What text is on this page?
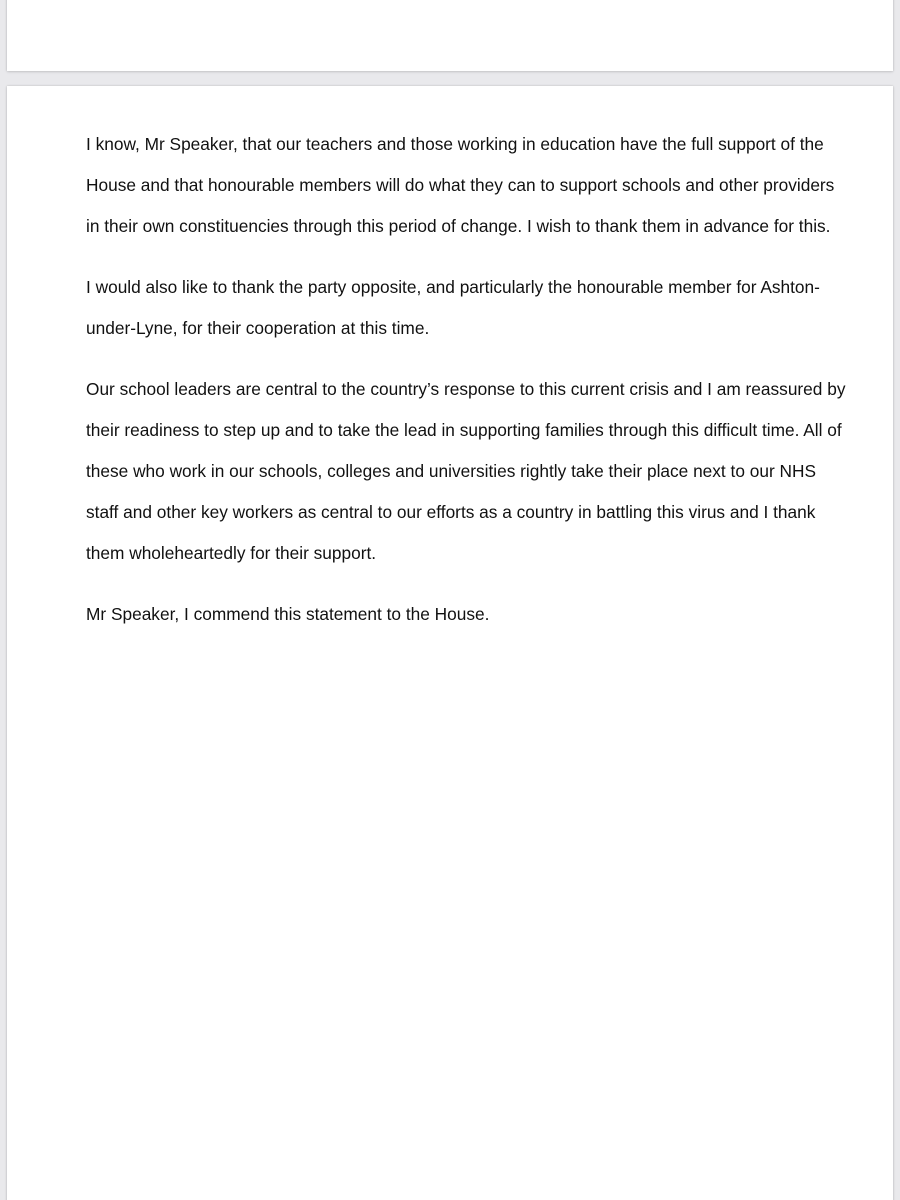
I know, Mr Speaker, that our teachers and those working in education have the full support of the House and that honourable members will do what they can to support schools and other providers in their own constituencies through this period of change. I wish to thank them in advance for this.

I would also like to thank the party opposite, and particularly the honourable member for Ashton-under-Lyne, for their cooperation at this time.

Our school leaders are central to the country’s response to this current crisis and I am reassured by their readiness to step up and to take the lead in supporting families through this difficult time. All of these who work in our schools, colleges and universities rightly take their place next to our NHS staff and other key workers as central to our efforts as a country in battling this virus and I thank them wholeheartedly for their support.

Mr Speaker, I commend this statement to the House.
